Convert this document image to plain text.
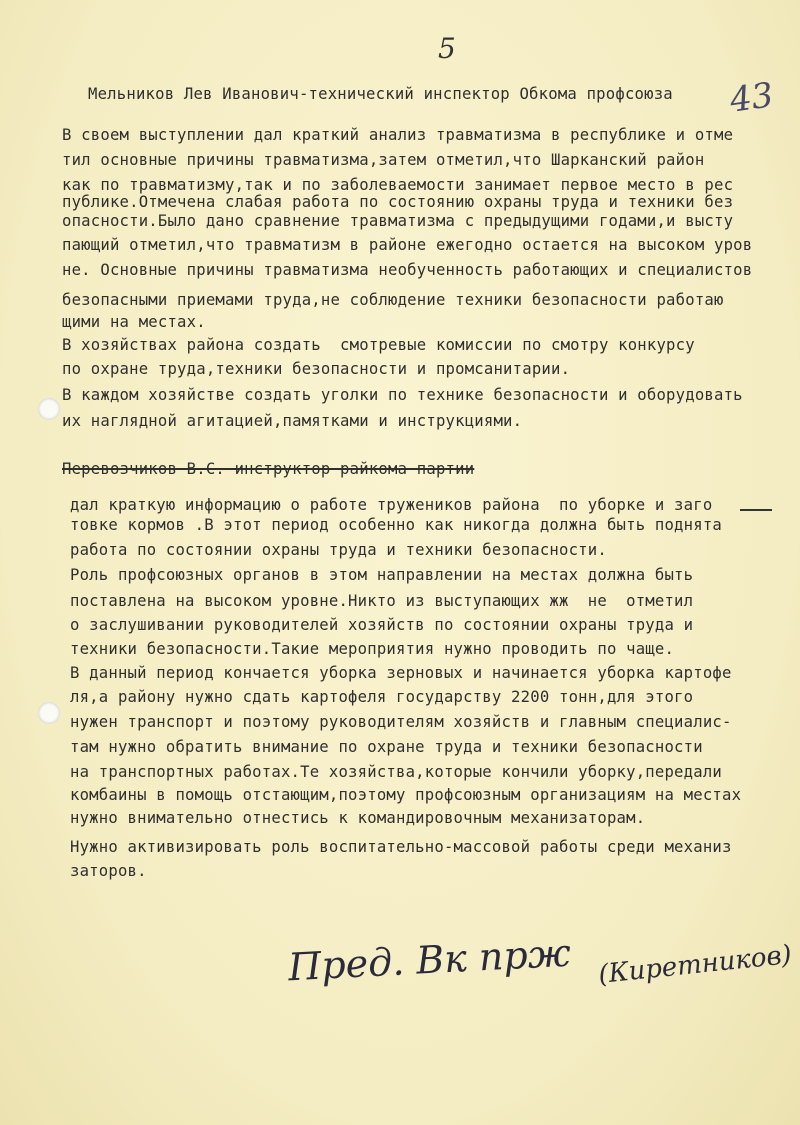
5
43
Мельников Лев Иванович-технический инспектор Обкома профсоюза
В своем выступлении дал краткий анализ травматизма в республике и отме
тил основные причины травматизма,затем отметил,что Шарканский район
как по травматизму,так и по заболеваемости занимает первое место в рес
публике.Отмечена слабая работа по состоянию охраны труда и техники без
опасности.Было дано сравнение травматизма с предыдущими годами,и высту
пающий отметил,что травматизм в районе ежегодно остается на высоком уров
не. Основные причины травматизма необученность работающих и специалистов
безопасными приемами труда,не соблюдение техники безопасности работаю
щими на местах.
В хозяйствах района создать  смотревые комиссии по смотру конкурсу
по охране труда,техники безопасности и промсанитарии.
В каждом хозяйстве создать уголки по технике безопасности и оборудовать
их наглядной агитацией,памятками и инструкциями.
Перевозчиков В.С.-инструктор райкома партии
дал краткую информацию о работе тружеников района  по уборке и заго
товке кормов .В этот период особенно как никогда должна быть поднята
работа по состоянии охраны труда и техники безопасности.
Роль профсоюзных органов в этом направлении на местах должна быть
поставлена на высоком уровне.Никто из выступающих жж  не  отметил
о заслушивании руководителей хозяйств по состоянии охраны труда и
техники безопасности.Такие мероприятия нужно проводить по чаще.
В данный период кончается уборка зерновых и начинается уборка картофе
ля,а району нужно сдать картофеля государству 2200 тонн,для этого
нужен транспорт и поэтому руководителям хозяйств и главным специалис-
там нужно обратить внимание по охране труда и техники безопасности
на транспортных работах.Те хозяйства,которые кончили уборку,передали
комбаины в помощь отстающим,поэтому профсоюзным организациям на местах
нужно внимательно отнестись к командировочным механизаторам.
Нужно активизировать роль воспитательно-массовой работы среди механиз
заторов.
Пред. Вк прж (Киретников)
